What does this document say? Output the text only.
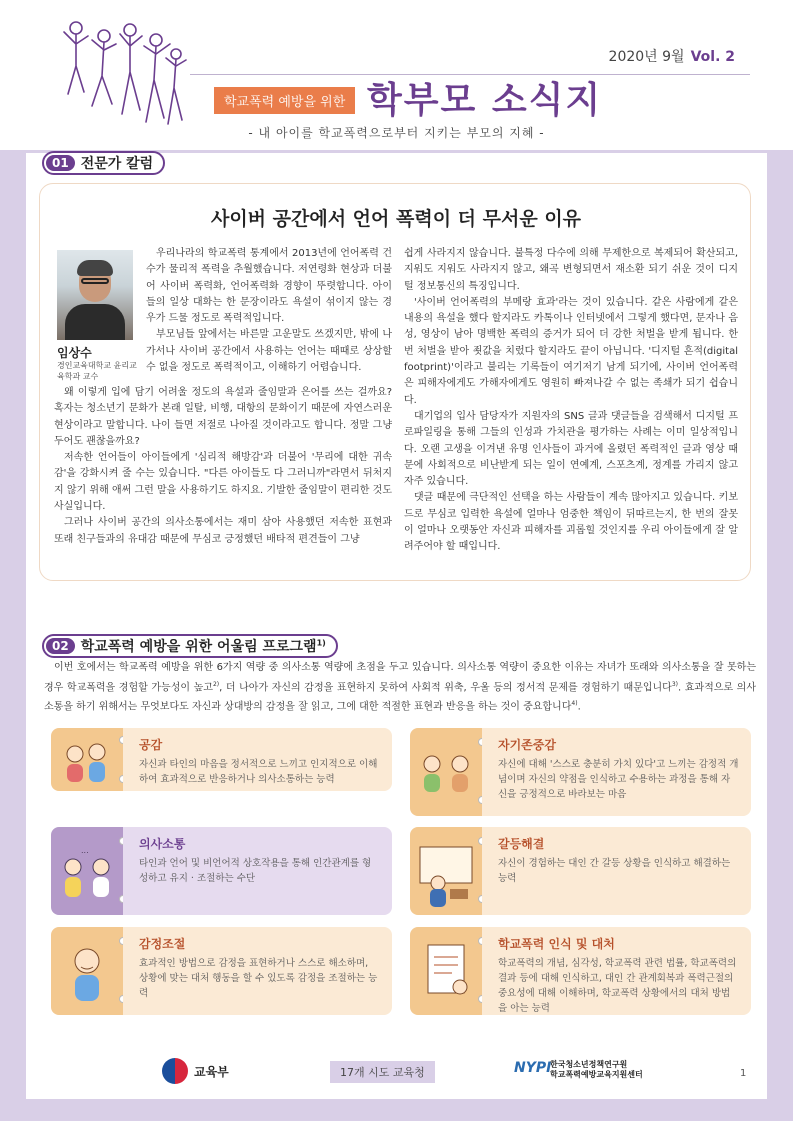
2020년 9월 Vol. 2
학교폭력 예방을 위한 학부모 소식지
- 내 아이를 학교폭력으로부터 지키는 부모의 지혜 -
01 전문가 칼럼
사이버 공간에서 언어 폭력이 더 무서운 이유
임상수
경인교육대학교 윤리교육학과 교수

우리나라의 학교폭력 통계에서 2013년에 언어폭력 건수가 물리적 폭력을 추월했습니다. 저연령화 현상과 더불어 사이버 폭력화, 언어폭력화 경향이 뚜렷합니다. 아이들의 일상 대화는 한 문장이라도 욕설이 섞이지 않는 경우가 드물 정도로 폭력적입니다.

부모님들 앞에서는 바른말 고운말도 쓰겠지만, 밖에 나가서나 사이버 공간에서 사용하는 언어는 때때로 상상할 수 없을 정도로 폭력적이고, 이해하기 어렵습니다.

왜 이렇게 입에 담기 어려울 정도의 욕설과 줄임말과 은어를 쓰는 걸까요? 혹자는 청소년기 문화가 본래 일탈, 비행, 대항의 문화이기 때문에 자연스러운 현상이라고 말합니다. 나이 들면 저절로 나아질 것이라고도 합니다. 정말 그냥 두어도 괜찮을까요?

저속한 언어들이 아이들에게 '심리적 해방감'과 더불어 '무리에 대한 귀속감'을 강화시켜 줄 수는 있습니다. "다른 아이들도 다 그러니까"라면서 뒤처지지 않기 위해 애써 그런 말을 사용하기도 하지요. 기발한 줄임말이 편리한 것도 사실입니다.

그러나 사이버 공간의 의사소통에서는 재미 삼아 사용했던 저속한 표현과 또래 친구들과의 유대감 때문에 무심코 긍정했던 배타적 편견들이 그냥

쉽게 사라지지 않습니다. 불특정 다수에 의해 무제한으로 복제되어 확산되고, 지워도 지워도 사라지지 않고, 왜곡 변형되면서 재소환 되기 쉬운 것이 디지털 정보통신의 특징입니다.

'사이버 언어폭력의 부메랑 효과'라는 것이 있습니다. 같은 사람에게 같은 내용의 욕설을 했다 할지라도 카톡이나 인터넷에서 그렇게 했다면, 문자나 음성, 영상이 남아 명백한 폭력의 증거가 되어 더 강한 처벌을 받게 됩니다. 한번 처벌을 받아 죗값을 치렀다 할지라도 끝이 아닙니다. '디지털 흔적(digital footprint)'이라고 불리는 기록들이 여기저기 남게 되기에, 사이버 언어폭력은 피해자에게도 가해자에게도 영원히 빠져나갈 수 없는 족쇄가 되기 쉽습니다.

대기업의 입사 담당자가 지원자의 SNS 글과 댓글들을 검색해서 디지털 프로파일링을 통해 그들의 인성과 가치관을 평가하는 사례는 이미 일상적입니다. 오랜 고생을 이겨낸 유명 인사들이 과거에 올렸던 폭력적인 글과 영상 때문에 사회적으로 비난받게 되는 일이 연예계, 스포츠계, 정계를 가리지 않고 자주 있습니다.

댓글 때문에 극단적인 선택을 하는 사람들이 계속 많아지고 있습니다. 키보드로 무심코 입력한 욕설에 얼마나 엄중한 책임이 뒤따르는지, 한 번의 잘못이 얼마나 오랫동안 자신과 피해자를 괴롭힐 것인지를 우리 아이들에게 잘 알려주어야 할 때입니다.

02 학교폭력 예방을 위한 어울림 프로그램$^{1)}$
이번 호에서는 학교폭력 예방을 위한 6가지 역량 중 의사소통 역량에 초점을 두고 있습니다. 의사소통 역량이 중요한 이유는 자녀가 또래와 의사소통을 잘 못하는 경우 학교폭력을 경험할 가능성이 높고$^{2)}$, 더 나아가 자신의 감정을 표현하지 못하여 사회적 위축, 우울 등의 정서적 문제를 경험하기 때문입니다$^{3)}$. 효과적으로 의사소통을 하기 위해서는 무엇보다도 자신과 상대방의 감정을 잘 읽고, 그에 대한 적절한 표현과 반응을 하는 것이 중요합니다$^{4)}$.
공감
자신과 타인의 마음을 정서적으로 느끼고 인지적으로 이해하여 효과적으로 반응하거나 의사소통하는 능력
자기존중감
자신에 대해 '스스로 충분히 가치 있다'고 느끼는 감정적 개념이며 자신의 약점을 인식하고 수용하는 과정을 통해 자신을 긍정적으로 바라보는 마음
...	의사소통
타인과 언어 및 비언어적 상호작용을 통해 인간관계를 형성하고 유지 · 조절하는 수단
갈등해결
자신이 경험하는 대인 간 갈등 상황을 인식하고 해결하는 능력
감정조절
효과적인 방법으로 감정을 표현하거나 스스로 해소하며, 상황에 맞는 대처 행동을 할 수 있도록 감정을 조절하는 능력
학교폭력 인식 및 대처
학교폭력의 개념, 심각성, 학교폭력 관련 법률, 학교폭력의 결과 등에 대해 인식하고, 대인 간 관계회복과 폭력근절의 중요성에 대해 이해하며, 학교폭력 상황에서의 대처 방법을 아는 능력
교육부	17개 시도 교육청	NYPI
한국청소년정책연구원
학교폭력예방교육지원센터	1
